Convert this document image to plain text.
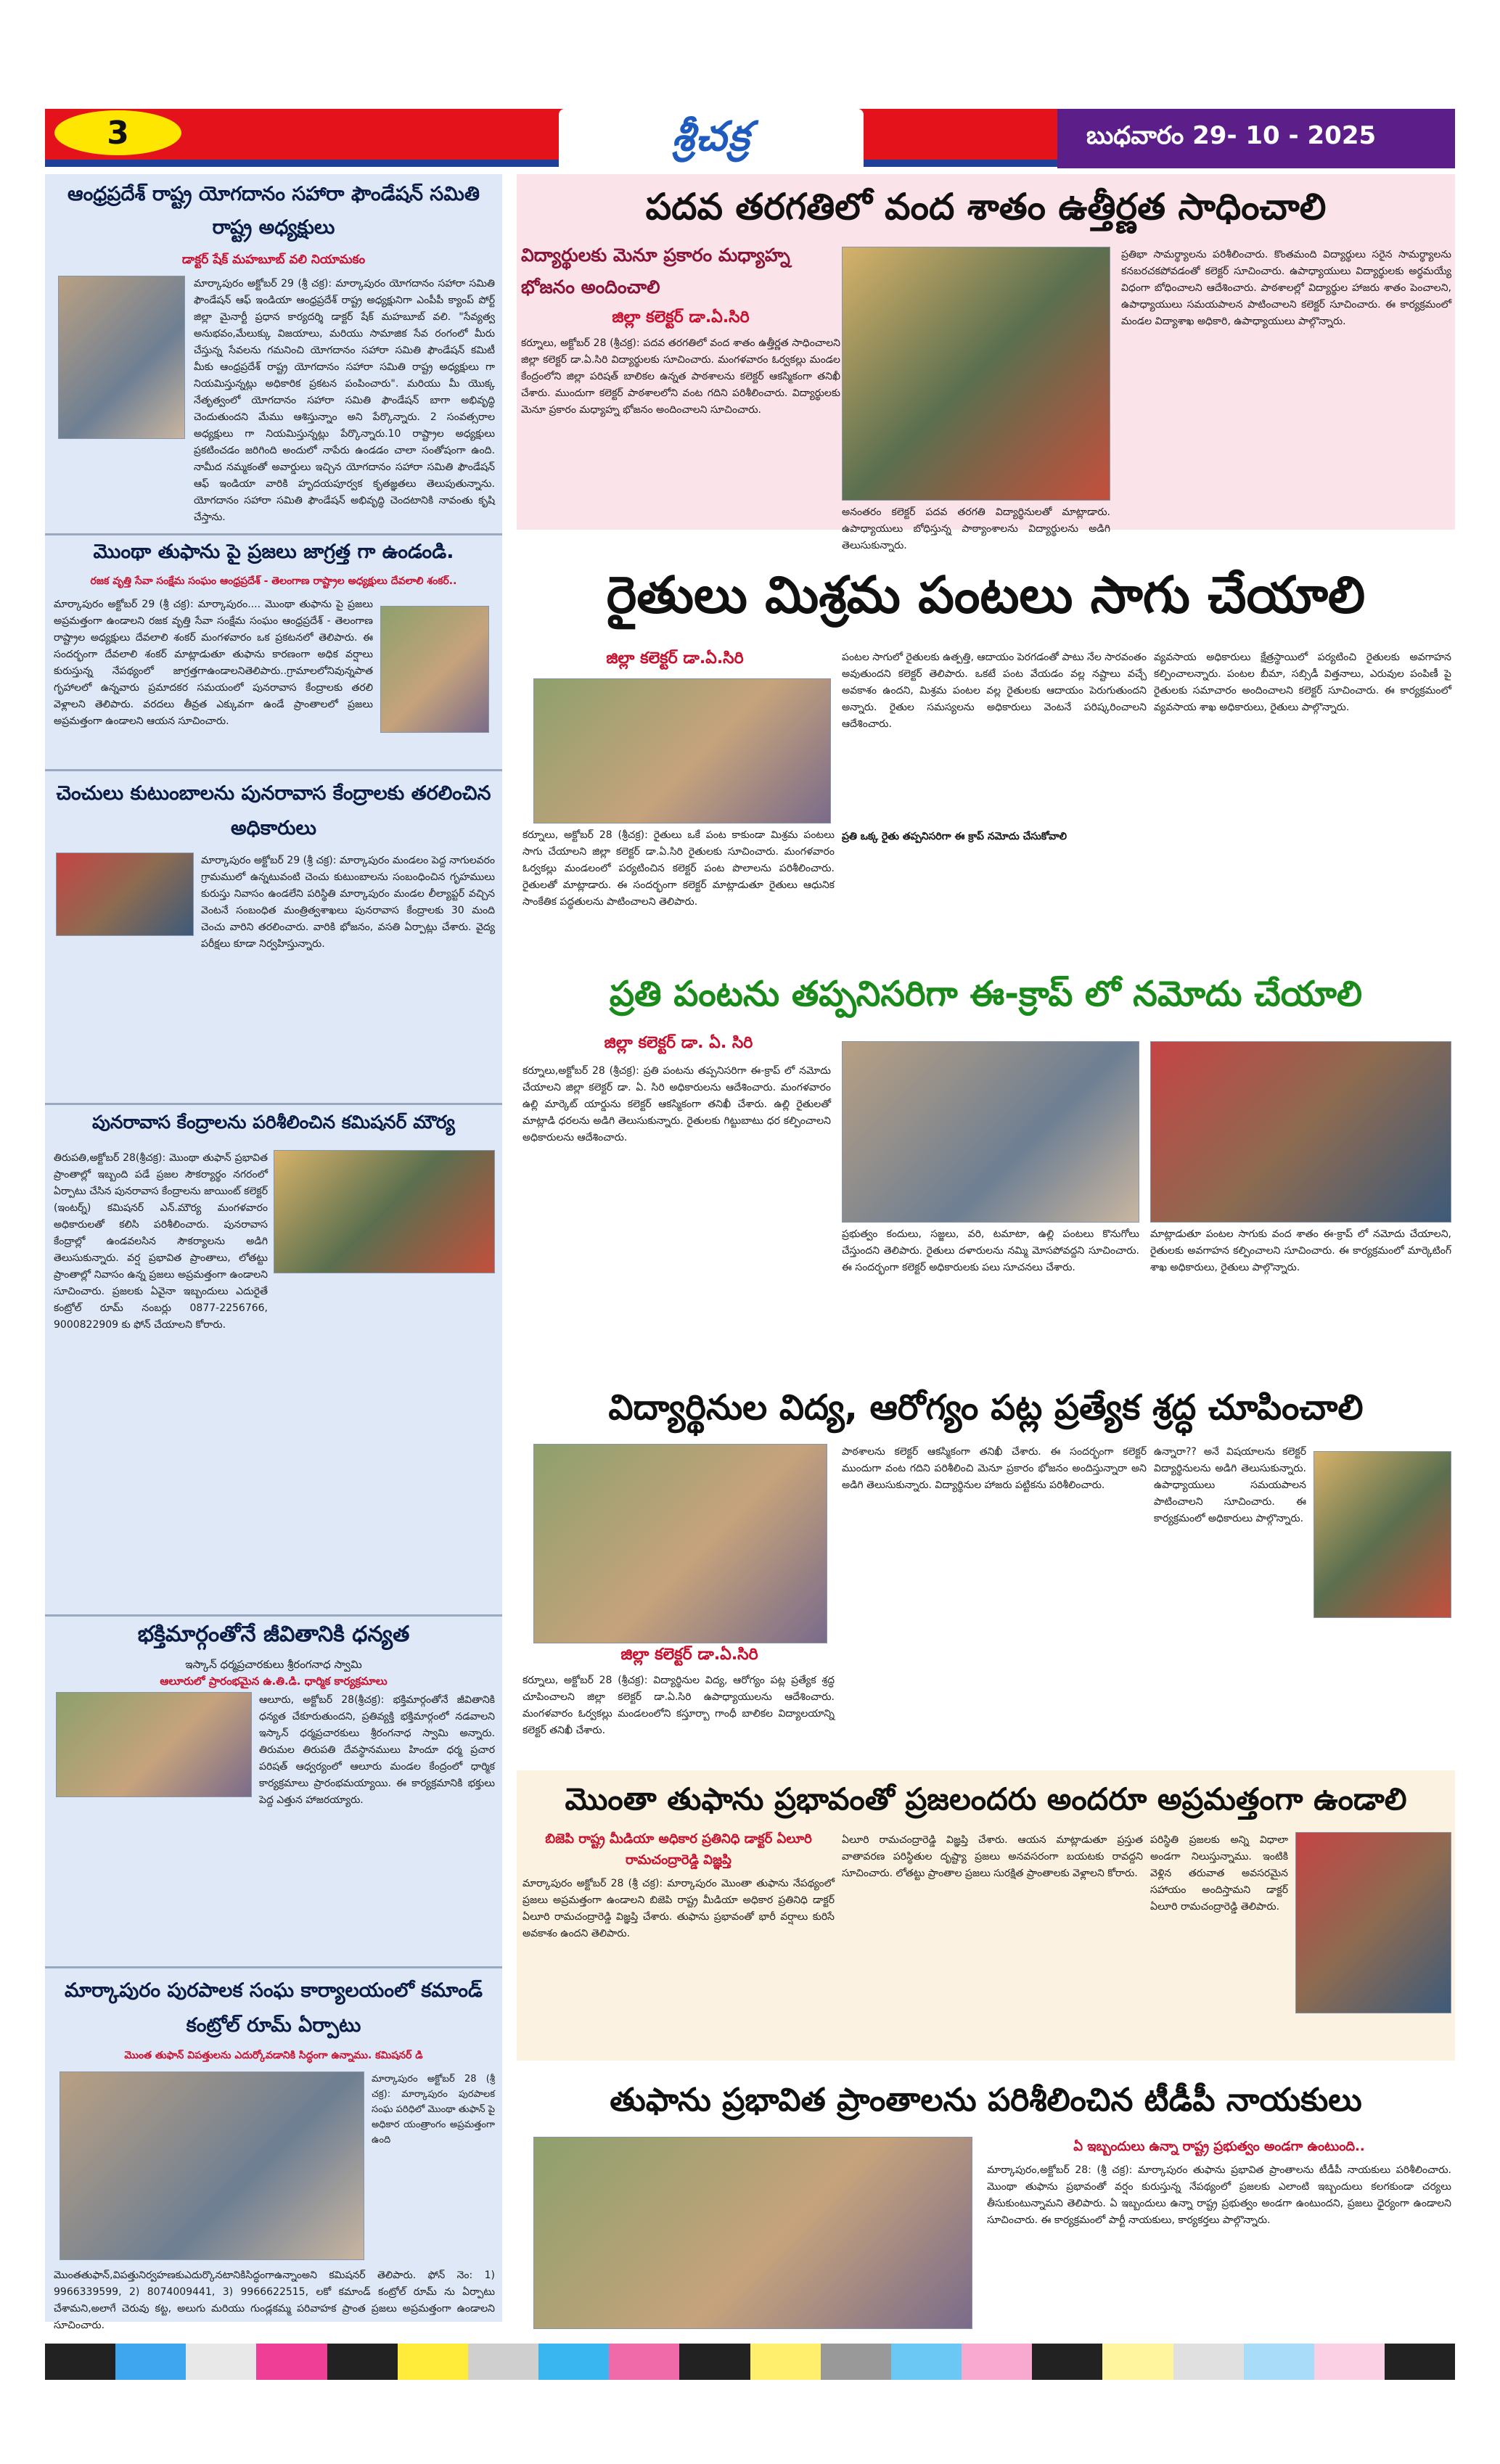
3	శ్రీచక్ర	బుధవారం 29- 10 - 2025
ఆంధ్రప్రదేశ్ రాష్ట్ర యోగదానం సహారా ఫౌండేషన్ సమితి రాష్ట్ర అధ్యక్షులు
డాక్టర్ షేక్ మహబూబ్ వలి నియామకం
మార్కాపురం అక్టోబర్ 29 (శ్రీ చక్ర): మార్కాపురం యోగదానం సహారా సమితి ఫౌండేషన్ ఆఫ్ ఇండియా ఆంధ్రప్రదేశ్ రాష్ట్ర అధ్యక్షునిగా ఎంపీపీ క్యాంప్ పోర్ట్ జిల్లా మైనార్టీ ప్రధాన కార్యదర్శి డాక్టర్ షేక్ మహబూబ్ వలి. "సేవ్యత్వ అనుభవం,మేలుక్కు విజయాలు, మరియు సామాజిక సేవ రంగంలో మీరు చేస్తున్న సేవలను గమనించి యోగదానం సహారా సమితి ఫౌండేషన్ కమిటీ మీకు ఆంధ్రప్రదేశ్ రాష్ట్ర యోగదానం సహారా సమితి రాష్ట్ర అధ్యక్షులు గా నియమిస్తున్నట్లు అధికారిక ప్రకటన పంపించారు". మరియు మీ యొక్క నేతృత్వంలో యోగదానం సహారా సమితి ఫౌండేషన్ బాగా అభివృద్ధి చెందుతుందని మేము ఆశిస్తున్నాం అని పేర్కొన్నారు. 2 సంవత్సరాల అధ్యక్షులు గా నియమిస్తున్నట్లు పేర్కొన్నారు.10 రాష్ట్రాల అధ్యక్షులు ప్రకటించడం జరిగింది అందులో నాపేరు ఉండడం చాలా సంతోషంగా ఉంది. నామీద నమ్మకంతో అవార్డులు ఇచ్చిన యోగదానం సహారా సమితి ఫౌండేషన్ ఆఫ్ ఇండియా వారికి హృదయపూర్వక కృతజ్ఞతలు తెలుపుతున్నాను. యోగదానం సహారా సమితి ఫౌండేషన్ అభివృద్ధి చెందటానికి నావంతు కృషి చేస్తాను.
మొంథా తుఫాను పై ప్రజలు జాగ్రత్త గా ఉండండి.
రజక వృత్తి సేవా సంక్షేమ సంఘం ఆంధ్రప్రదేశ్ - తెలంగాణ రాష్ట్రాల అధ్యక్షులు దేవలాలి శంకర్..
మార్కాపురం అక్టోబర్ 29 (శ్రీ చక్ర): మార్కాపురం.... మొంథా తుఫాను పై ప్రజలు అప్రమత్తంగా ఉండాలని రజక వృత్తి సేవా సంక్షేమ సంఘం ఆంధ్రప్రదేశ్ - తెలంగాణ రాష్ట్రాల అధ్యక్షులు దేవలాలి శంకర్ మంగళవారం ఒక ప్రకటనలో తెలిపారు. ఈ సందర్భంగా దేవలాలి శంకర్ మాట్లాడుతూ తుఫాను కారణంగా అధిక వర్షాలు కురుస్తున్న నేపథ్యంలో జాగ్రత్తగాఉండాలనితెలిపారు..గ్రామాలలోనివున్నపాత గృహాలలో ఉన్నవారు ప్రమాదకర సమయంలో పునరావాస కేంద్రాలకు తరలి వెళ్లాలని తెలిపారు. వరదలు తీవ్రత ఎక్కువగా ఉండే ప్రాంతాలలో ప్రజలు అప్రమత్తంగా ఉండాలని ఆయన సూచించారు.
చెంచులు కుటుంబాలను పునరావాస కేంద్రాలకు తరలించిన అధికారులు
మార్కాపురం అక్టోబర్ 29 (శ్రీ చక్ర): మార్కాపురం మండలం పెద్ద నాగులవరం గ్రామములో ఉన్నటువంటి చెంచు కుటుంబాలను సంబంధించిన గృహములు కురుస్తు నివాసం ఉండలేని పరిస్థితి మార్కాపురం మండల లీల్యాప్టర్ వచ్చిన వెంటనే సంబంధిత మంత్రిత్వశాఖలు పునరావాస కేంద్రాలకు 30 మంది చెంచు వారిని తరలించారు. వారికి భోజనం, వసతి ఏర్పాట్లు చేశారు. వైద్య పరీక్షలు కూడా నిర్వహిస్తున్నారు.
పునరావాస కేంద్రాలను పరిశీలించిన కమిషనర్ మౌర్య
తిరుపతి,అక్టోబర్ 28(శ్రీచక్ర): మొంథా తుఫాన్ ప్రభావిత ప్రాంతాల్లో ఇబ్బంది పడే ప్రజల సౌకర్యార్థం నగరంలో ఏర్పాటు చేసిన పునరావాస కేంద్రాలను జాయింట్ కలెక్టర్ (ఇంటర్న్) కమిషనర్ ఎన్.మౌర్య మంగళవారం అధికారులతో కలిసి పరిశీలించారు. పునరావాస కేంద్రాల్లో ఉండవలసిన సౌకర్యాలను అడిగి తెలుసుకున్నారు. వర్ష ప్రభావిత ప్రాంతాలు, లోతట్టు ప్రాంతాల్లో నివాసం ఉన్న ప్రజలు అప్రమత్తంగా ఉండాలని సూచించారు. ప్రజలకు ఏవైనా ఇబ్బందులు ఎదురైతే కంట్రోల్ రూమ్ నంబర్లు 0877-2256766, 9000822909 కు ఫోన్ చేయాలని కోరారు.
భక్తిమార్గంతోనే జీవితానికి ధన్యత
ఇస్కాన్ ధర్మప్రచారకులు శ్రీరంగనాధ స్వామి
ఆలూరులో ప్రారంభమైన ఉ.తి.డి. ధార్మిక కార్యక్రమాలు
ఆలూరు, అక్టోబర్ 28(శ్రీచక్ర): భక్తిమార్గంతోనే జీవితానికి ధన్యత చేకూరుతుందని, ప్రతివ్యక్తి భక్తిమార్గంలో నడవాలని ఇస్కాన్ ధర్మప్రచారకులు శ్రీరంగనాధ స్వామి అన్నారు. తిరుమల తిరుపతి దేవస్థానములు హిందూ ధర్మ ప్రచార పరిషత్ ఆధ్వర్యంలో ఆలూరు మండల కేంద్రంలో ధార్మిక కార్యక్రమాలు ప్రారంభమయ్యాయి. ఈ కార్యక్రమానికి భక్తులు పెద్ద ఎత్తున హాజరయ్యారు.
మార్కాపురం పురపాలక సంఘ కార్యాలయంలో కమాండ్ కంట్రోల్ రూమ్ ఏర్పాటు
మొంత తుఫాన్ విపత్తులను ఎదుర్కోవడానికి సిద్ధంగా ఉన్నాము. కమిషనర్ డి
మార్కాపురం అక్టోబర్ 28 (శ్రీ చక్ర): మార్కాపురం పురపాలక సంఘ పరిధిలో మొంథా తుఫాన్ పై అధికార యంత్రాంగం అప్రమత్తంగా ఉంది
మొంతతుఫాన్,విపత్తునిర్వహణకుఎదుర్కొనటానికిసిద్ధంగాఉన్నాంఅని కమిషనర్ తెలిపారు. ఫోన్ నెం: 1) 9966339599, 2) 8074009441, 3) 9966622515, లకో కమాండ్ కంట్రోల్ రూమ్ ను ఏర్పాటు చేశామని,అలాగే చెరువు కట్ట, అలుగు మరియు గుండ్లకమ్మ పరివాహక ప్రాంత ప్రజలు అప్రమత్తంగా ఉండాలని సూచించారు.
పదవ తరగతిలో వంద శాతం ఉత్తీర్ణత సాధించాలి
విద్యార్థులకు మెనూ ప్రకారం మధ్యాహ్న భోజనం అందించాలి
జిల్లా కలెక్టర్ డా.ఏ.సిరి
కర్నూలు, అక్టోబర్ 28 (శ్రీచక్ర): పదవ తరగతిలో వంద శాతం ఉత్తీర్ణత సాధించాలని జిల్లా కలెక్టర్ డా.ఏ.సిరి విద్యార్థులకు సూచించారు. మంగళవారం ఓర్వకల్లు మండల కేంద్రంలోని జిల్లా పరిషత్ బాలికల ఉన్నత పాఠశాలను కలెక్టర్ ఆకస్మికంగా తనిఖీ చేశారు. ముందుగా కలెక్టర్ పాఠశాలలోని వంట గదిని పరిశీలించారు. విద్యార్థులకు మెనూ ప్రకారం మధ్యాహ్న భోజనం అందించాలని సూచించారు.
అనంతరం కలెక్టర్ పదవ తరగతి విద్యార్థినులతో మాట్లాడారు. ఉపాధ్యాయులు బోధిస్తున్న పాఠ్యాంశాలను విద్యార్థులను అడిగి తెలుసుకున్నారు.
ప్రతిభా సామర్థ్యాలను పరిశీలించారు. కొంతమంది విద్యార్థులు సరైన సామర్థ్యాలను కనబరచకపోవడంతో కలెక్టర్ సూచించారు. ఉపాధ్యాయులు విద్యార్థులకు అర్థమయ్యే విధంగా బోధించాలని ఆదేశించారు. పాఠశాలల్లో విద్యార్థుల హాజరు శాతం పెంచాలని, ఉపాధ్యాయులు సమయపాలన పాటించాలని కలెక్టర్ సూచించారు. ఈ కార్యక్రమంలో మండల విద్యాశాఖ అధికారి, ఉపాధ్యాయులు పాల్గొన్నారు.
రైతులు మిశ్రమ పంటలు సాగు చేయాలి
జిల్లా కలెక్టర్ డా.ఏ.సిరి
కర్నూలు, అక్టోబర్ 28 (శ్రీచక్ర): రైతులు ఒకే పంట కాకుండా మిశ్రమ పంటలు సాగు చేయాలని జిల్లా కలెక్టర్ డా.ఏ.సిరి రైతులకు సూచించారు. మంగళవారం ఓర్వకల్లు మండలంలో పర్యటించిన కలెక్టర్ పంట పొలాలను పరిశీలించారు. రైతులతో మాట్లాడారు. ఈ సందర్భంగా కలెక్టర్ మాట్లాడుతూ రైతులు ఆధునిక సాంకేతిక పద్ధతులను పాటించాలని తెలిపారు.
పంటల సాగులో రైతులకు ఉత్పత్తి, ఆదాయం పెరగడంతో పాటు నేల సారవంతం అవుతుందని కలెక్టర్ తెలిపారు. ఒకటే పంట వేయడం వల్ల నష్టాలు వచ్చే అవకాశం ఉందని, మిశ్రమ పంటల వల్ల రైతులకు ఆదాయం పెరుగుతుందని అన్నారు. రైతుల సమస్యలను అధికారులు వెంటనే పరిష్కరించాలని ఆదేశించారు.
ప్రతి ఒక్క రైతు తప్పనిసరిగా ఈ క్రాప్ నమోదు చేసుకోవాలి
వ్యవసాయ అధికారులు క్షేత్రస్థాయిలో పర్యటించి రైతులకు అవగాహన కల్పించాలన్నారు. పంటల బీమా, సబ్సిడీ విత్తనాలు, ఎరువుల పంపిణీ పై రైతులకు సమాచారం అందించాలని కలెక్టర్ సూచించారు. ఈ కార్యక్రమంలో వ్యవసాయ శాఖ అధికారులు, రైతులు పాల్గొన్నారు.
ప్రతి పంటను తప్పనిసరిగా ఈ-క్రాప్ లో నమోదు చేయాలి
జిల్లా కలెక్టర్ డా. ఏ. సిరి
కర్నూలు,అక్టోబర్ 28 (శ్రీచక్ర): ప్రతి పంటను తప్పనిసరిగా ఈ-క్రాప్ లో నమోదు చేయాలని జిల్లా కలెక్టర్ డా. ఏ. సిరి అధికారులను ఆదేశించారు. మంగళవారం ఉల్లి మార్కెట్ యార్డును కలెక్టర్ ఆకస్మికంగా తనిఖీ చేశారు. ఉల్లి రైతులతో మాట్లాడి ధరలను అడిగి తెలుసుకున్నారు. రైతులకు గిట్టుబాటు ధర కల్పించాలని అధికారులను ఆదేశించారు.
ప్రభుత్వం కందులు, సజ్జలు, వరి, టమాటా, ఉల్లి పంటలు కొనుగోలు చేస్తుందని తెలిపారు. రైతులు దళారులను నమ్మి మోసపోవద్దని సూచించారు. ఈ సందర్భంగా కలెక్టర్ అధికారులకు పలు సూచనలు చేశారు.
మాట్లాడుతూ పంటల సాగుకు వంద శాతం ఈ-క్రాప్ లో నమోదు చేయాలని, రైతులకు అవగాహన కల్పించాలని సూచించారు. ఈ కార్యక్రమంలో మార్కెటింగ్ శాఖ అధికారులు, రైతులు పాల్గొన్నారు.
విద్యార్థినుల విద్య, ఆరోగ్యం పట్ల ప్రత్యేక శ్రద్ధ చూపించాలి
జిల్లా కలెక్టర్ డా.ఏ.సిరి
కర్నూలు, అక్టోబర్ 28 (శ్రీచక్ర): విద్యార్థినుల విద్య, ఆరోగ్యం పట్ల ప్రత్యేక శ్రద్ధ చూపించాలని జిల్లా కలెక్టర్ డా.ఏ.సిరి ఉపాధ్యాయులను ఆదేశించారు. మంగళవారం ఓర్వకల్లు మండలంలోని కస్తూర్బా గాంధీ బాలికల విద్యాలయాన్ని కలెక్టర్ తనిఖీ చేశారు.
పాఠశాలను కలెక్టర్ ఆకస్మికంగా తనిఖీ చేశారు. ఈ సందర్భంగా కలెక్టర్ ముందుగా వంట గదిని పరిశీలించి మెనూ ప్రకారం భోజనం అందిస్తున్నారా అని అడిగి తెలుసుకున్నారు. విద్యార్థినుల హాజరు పట్టికను పరిశీలించారు.
ఉన్నారా?? అనే విషయాలను కలెక్టర్ విద్యార్థినులను అడిగి తెలుసుకున్నారు. ఉపాధ్యాయులు సమయపాలన పాటించాలని సూచించారు. ఈ కార్యక్రమంలో అధికారులు పాల్గొన్నారు.
మొంతా తుఫాను ప్రభావంతో ప్రజలందరు అందరూ అప్రమత్తంగా ఉండాలి
బిజెపి రాష్ట్ర మీడియా అధికార ప్రతినిధి డాక్టర్ ఏలూరి రామచంద్రారెడ్డి విజ్ఞప్తి
మార్కాపురం అక్టోబర్ 28 (శ్రీ చక్ర): మార్కాపురం మొంతా తుఫాను నేపథ్యంలో ప్రజలు అప్రమత్తంగా ఉండాలని బిజెపి రాష్ట్ర మీడియా అధికార ప్రతినిధి డాక్టర్ ఏలూరి రామచంద్రారెడ్డి విజ్ఞప్తి చేశారు. తుఫాను ప్రభావంతో భారీ వర్షాలు కురిసే అవకాశం ఉందని తెలిపారు.
ఏలూరి రామచంద్రారెడ్డి విజ్ఞప్తి చేశారు. ఆయన మాట్లాడుతూ ప్రస్తుత వాతావరణ పరిస్థితుల దృష్ట్యా ప్రజలు అనవసరంగా బయటకు రావద్దని సూచించారు. లోతట్టు ప్రాంతాల ప్రజలు సురక్షిత ప్రాంతాలకు వెళ్లాలని కోరారు.
పరిస్థితి ప్రజలకు అన్ని విధాలా అండగా నిలుస్తున్నాము. ఇంటికి వెళ్లిన తరువాత అవసరమైన సహాయం అందిస్తామని డాక్టర్ ఏలూరి రామచంద్రారెడ్డి తెలిపారు.
తుఫాను ప్రభావిత ప్రాంతాలను పరిశీలించిన టీడీపీ నాయకులు
ఏ ఇబ్బందులు ఉన్నా రాష్ట్ర ప్రభుత్వం అండగా ఉంటుంది..
మార్కాపురం,అక్టోబర్ 28: (శ్రీ చక్ర): మార్కాపురం తుఫాను ప్రభావిత ప్రాంతాలను టీడీపీ నాయకులు పరిశీలించారు. మొంథా తుఫాను ప్రభావంతో వర్షం కురుస్తున్న నేపథ్యంలో ప్రజలకు ఎలాంటి ఇబ్బందులు కలగకుండా చర్యలు తీసుకుంటున్నామని తెలిపారు. ఏ ఇబ్బందులు ఉన్నా రాష్ట్ర ప్రభుత్వం అండగా ఉంటుందని, ప్రజలు ధైర్యంగా ఉండాలని సూచించారు. ఈ కార్యక్రమంలో పార్టీ నాయకులు, కార్యకర్తలు పాల్గొన్నారు.
